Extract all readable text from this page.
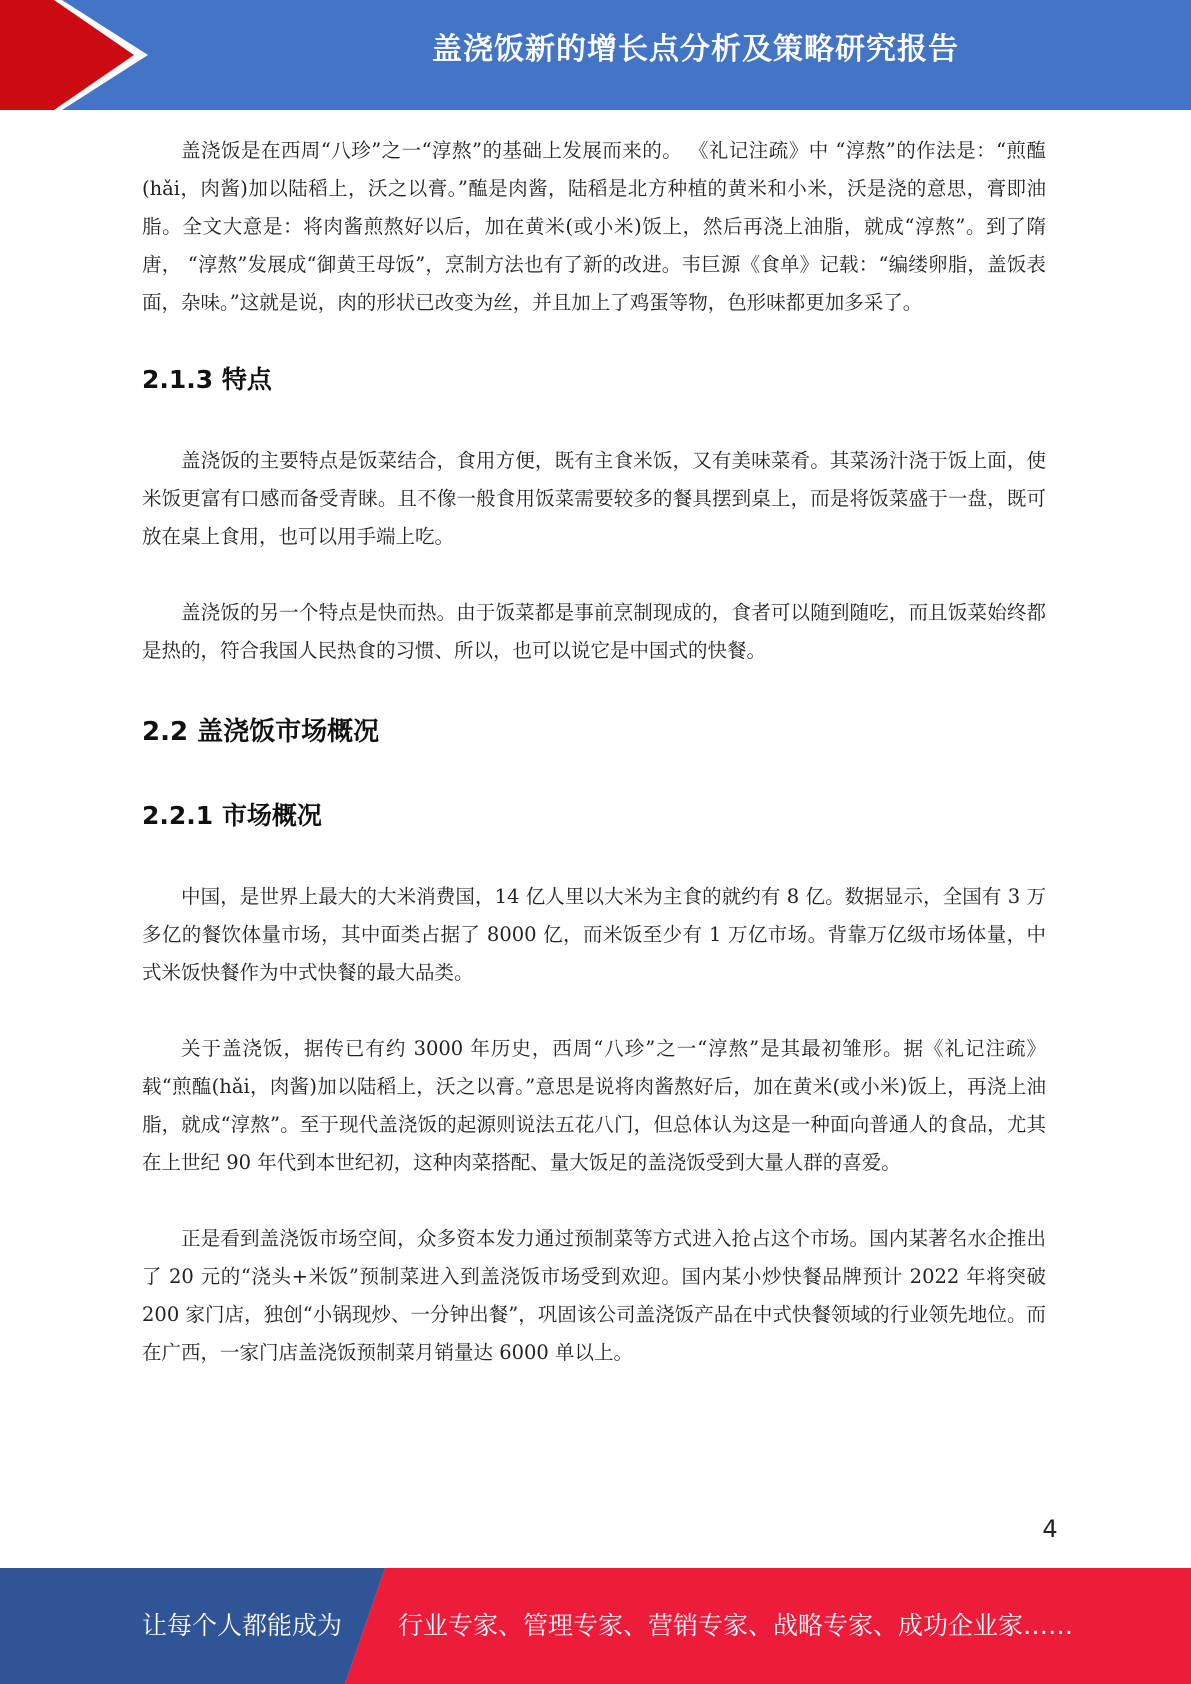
盖浇饭新的增长点分析及策略研究报告

盖浇饭是在西周“八珍”之一“淳熬”的基础上发展而来的。 《礼记注疏》中 “淳熬”的作法是：“煎醢(hǎi，肉酱)加以陆稻上，沃之以膏。”醢是肉酱，陆稻是北方种植的黄米和小米，沃是浇的意思，膏即油脂。全文大意是：将肉酱煎熬好以后，加在黄米(或小米)饭上，然后再浇上油脂，就成“淳熬”。到了隋唐， “淳熬”发展成“御黄王母饭”，烹制方法也有了新的改进。韦巨源《食单》记载：“编缕卵脂，盖饭表面，杂味。”这就是说，肉的形状已改变为丝，并且加上了鸡蛋等物，色形味都更加多采了。

2.1.3 特点

盖浇饭的主要特点是饭菜结合，食用方便，既有主食米饭，又有美味菜肴。其菜汤汁浇于饭上面，使米饭更富有口感而备受青睐。且不像一般食用饭菜需要较多的餐具摆到桌上，而是将饭菜盛于一盘，既可放在桌上食用，也可以用手端上吃。

盖浇饭的另一个特点是快而热。由于饭菜都是事前烹制现成的，食者可以随到随吃，而且饭菜始终都是热的，符合我国人民热食的习惯、所以，也可以说它是中国式的快餐。

2.2 盖浇饭市场概况
2.2.1 市场概况

中国，是世界上最大的大米消费国，14 亿人里以大米为主食的就约有 8 亿。数据显示，全国有 3 万多亿的餐饮体量市场，其中面类占据了 8000 亿，而米饭至少有 1 万亿市场。背靠万亿级市场体量，中式米饭快餐作为中式快餐的最大品类。

关于盖浇饭，据传已有约 3000 年历史，西周“八珍”之一“淳熬”是其最初雏形。据《礼记注疏》载“煎醢(hǎi，肉酱)加以陆稻上，沃之以膏。”意思是说将肉酱熬好后，加在黄米(或小米)饭上，再浇上油脂，就成“淳熬”。至于现代盖浇饭的起源则说法五花八门，但总体认为这是一种面向普通人的食品，尤其在上世纪 90 年代到本世纪初，这种肉菜搭配、量大饭足的盖浇饭受到大量人群的喜爱。

正是看到盖浇饭市场空间，众多资本发力通过预制菜等方式进入抢占这个市场。国内某著名水企推出了 20 元的“浇头+米饭”预制菜进入到盖浇饭市场受到欢迎。国内某小炒快餐品牌预计 2022 年将突破 200 家门店，独创“小锅现炒、一分钟出餐”，巩固该公司盖浇饭产品在中式快餐领域的行业领先地位。而在广西，一家门店盖浇饭预制菜月销量达 6000 单以上。

4
让每个人都能成为 行业专家、管理专家、营销专家、战略专家、成功企业家……
